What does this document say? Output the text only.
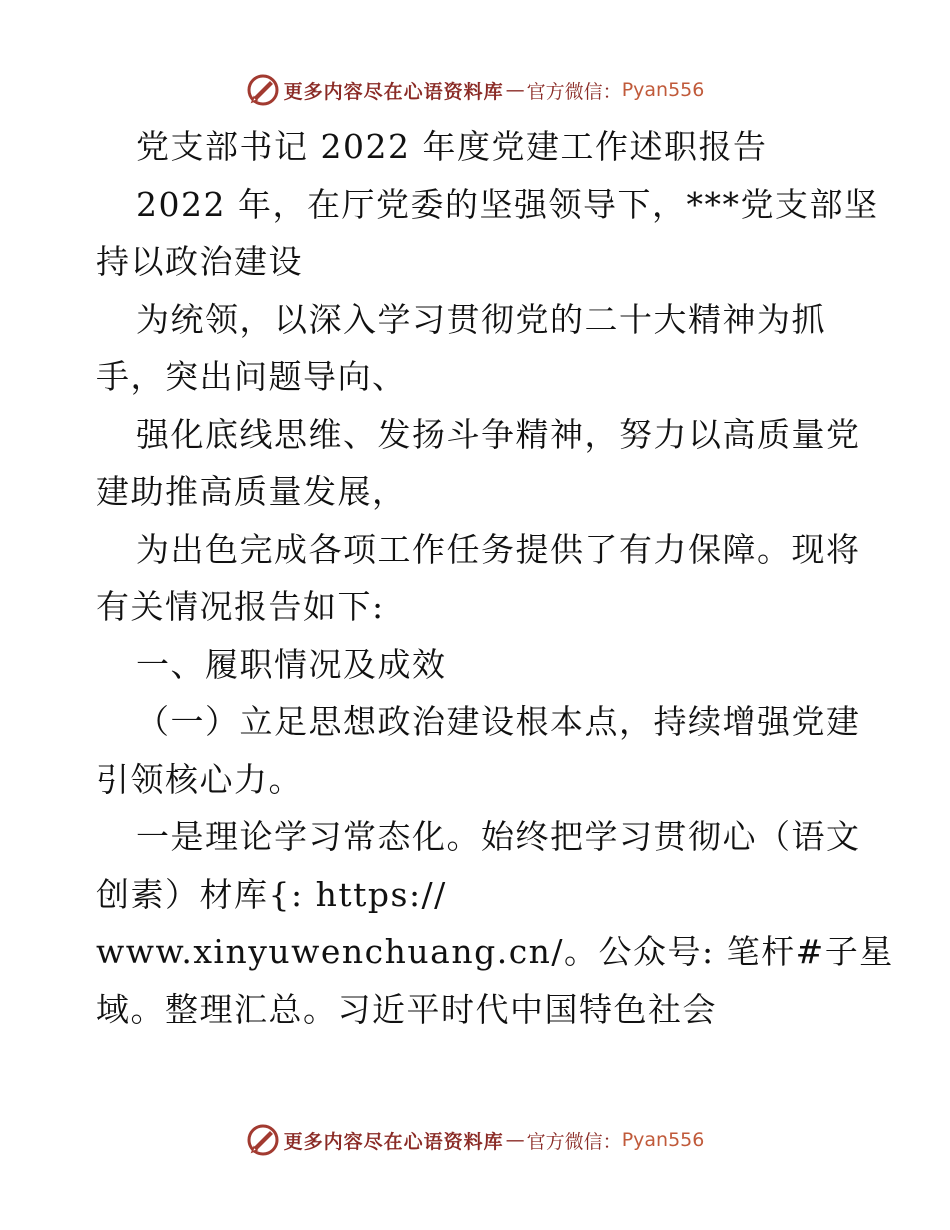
更多内容尽在心语资料库 — 官方微信： Pyan556
党支部书记 2022 年度党建工作述职报告
2022 年，在厅党委的坚强领导下，***党支部坚
持以政治建设
为统领，以深入学习贯彻党的二十大精神为抓
手，突出问题导向、
强化底线思维、发扬斗争精神，努力以高质量党
建助推高质量发展，
为出色完成各项工作任务提供了有力保障。现将
有关情况报告如下:
一、履职情况及成效
（一）立足思想政治建设根本点，持续增强党建
引领核心力。
一是理论学习常态化。始终把学习贯彻心（语文
创素）材库{: https://
www.xinyuwenchuang.cn/。公众号: 笔杆#子星
域。整理汇总。习近平时代中国特色社会
更多内容尽在心语资料库 — 官方微信： Pyan556
